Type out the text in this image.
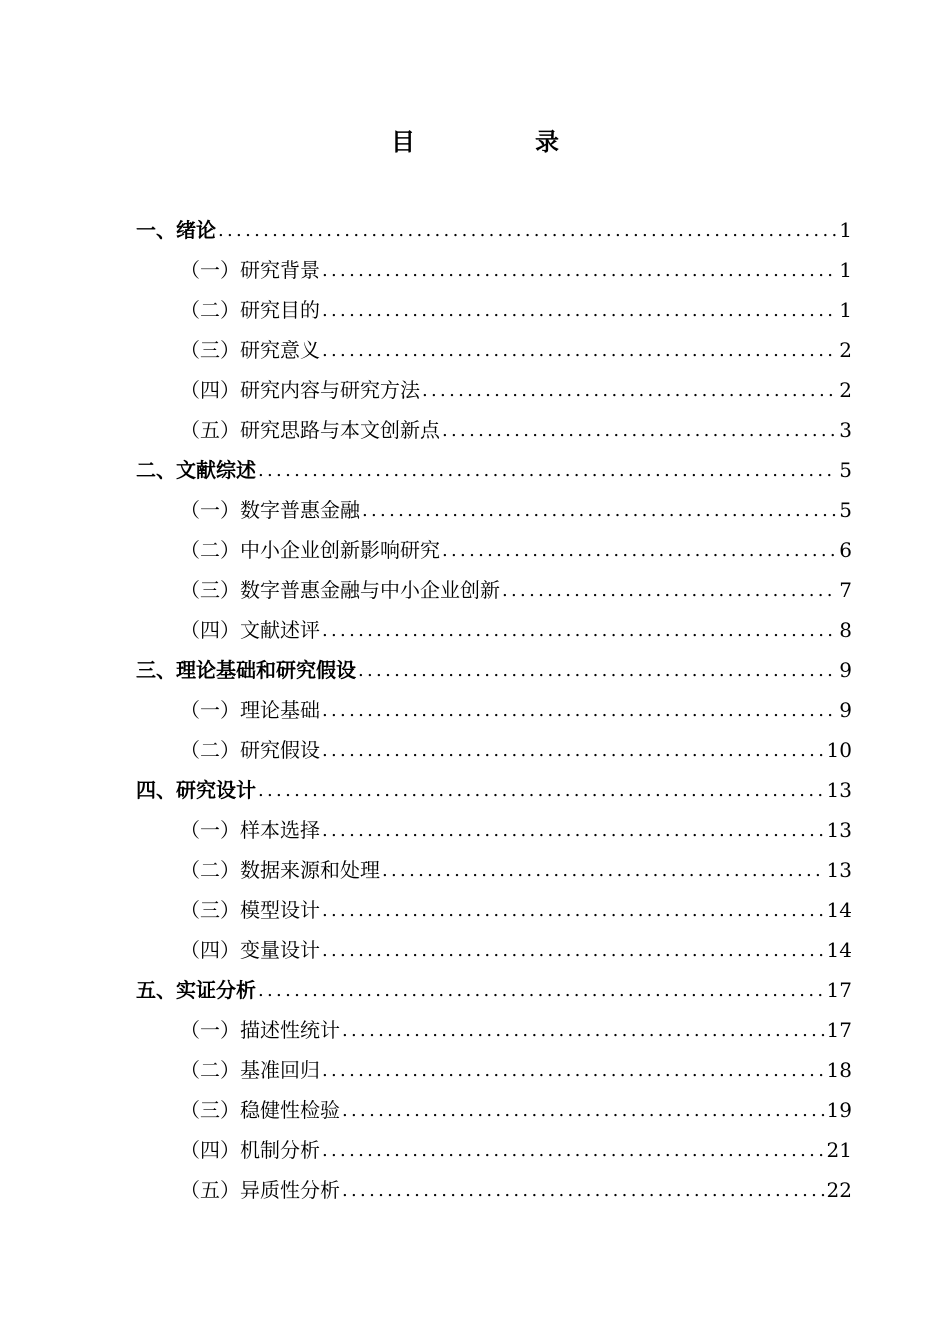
目　录
一、绪论 .....	1
（一）研究背景 .....	1
（二）研究目的 .....	1
（三）研究意义 .....	2
（四）研究内容与研究方法 .....	2
（五）研究思路与本文创新点 .....	3
二、文献综述 .....	5
（一）数字普惠金融 .....	5
（二）中小企业创新影响研究 .....	6
（三）数字普惠金融与中小企业创新 .....	7
（四）文献述评 .....	8
三、理论基础和研究假设 .....	9
（一）理论基础 .....	9
（二）研究假设 .....	10
四、研究设计 .....	13
（一）样本选择 .....	13
（二）数据来源和处理 .....	13
（三）模型设计 .....	14
（四）变量设计 .....	14
五、实证分析 .....	17
（一）描述性统计 .....	17
（二）基准回归 .....	18
（三）稳健性检验 .....	19
（四）机制分析 .....	21
（五）异质性分析 .....	22
